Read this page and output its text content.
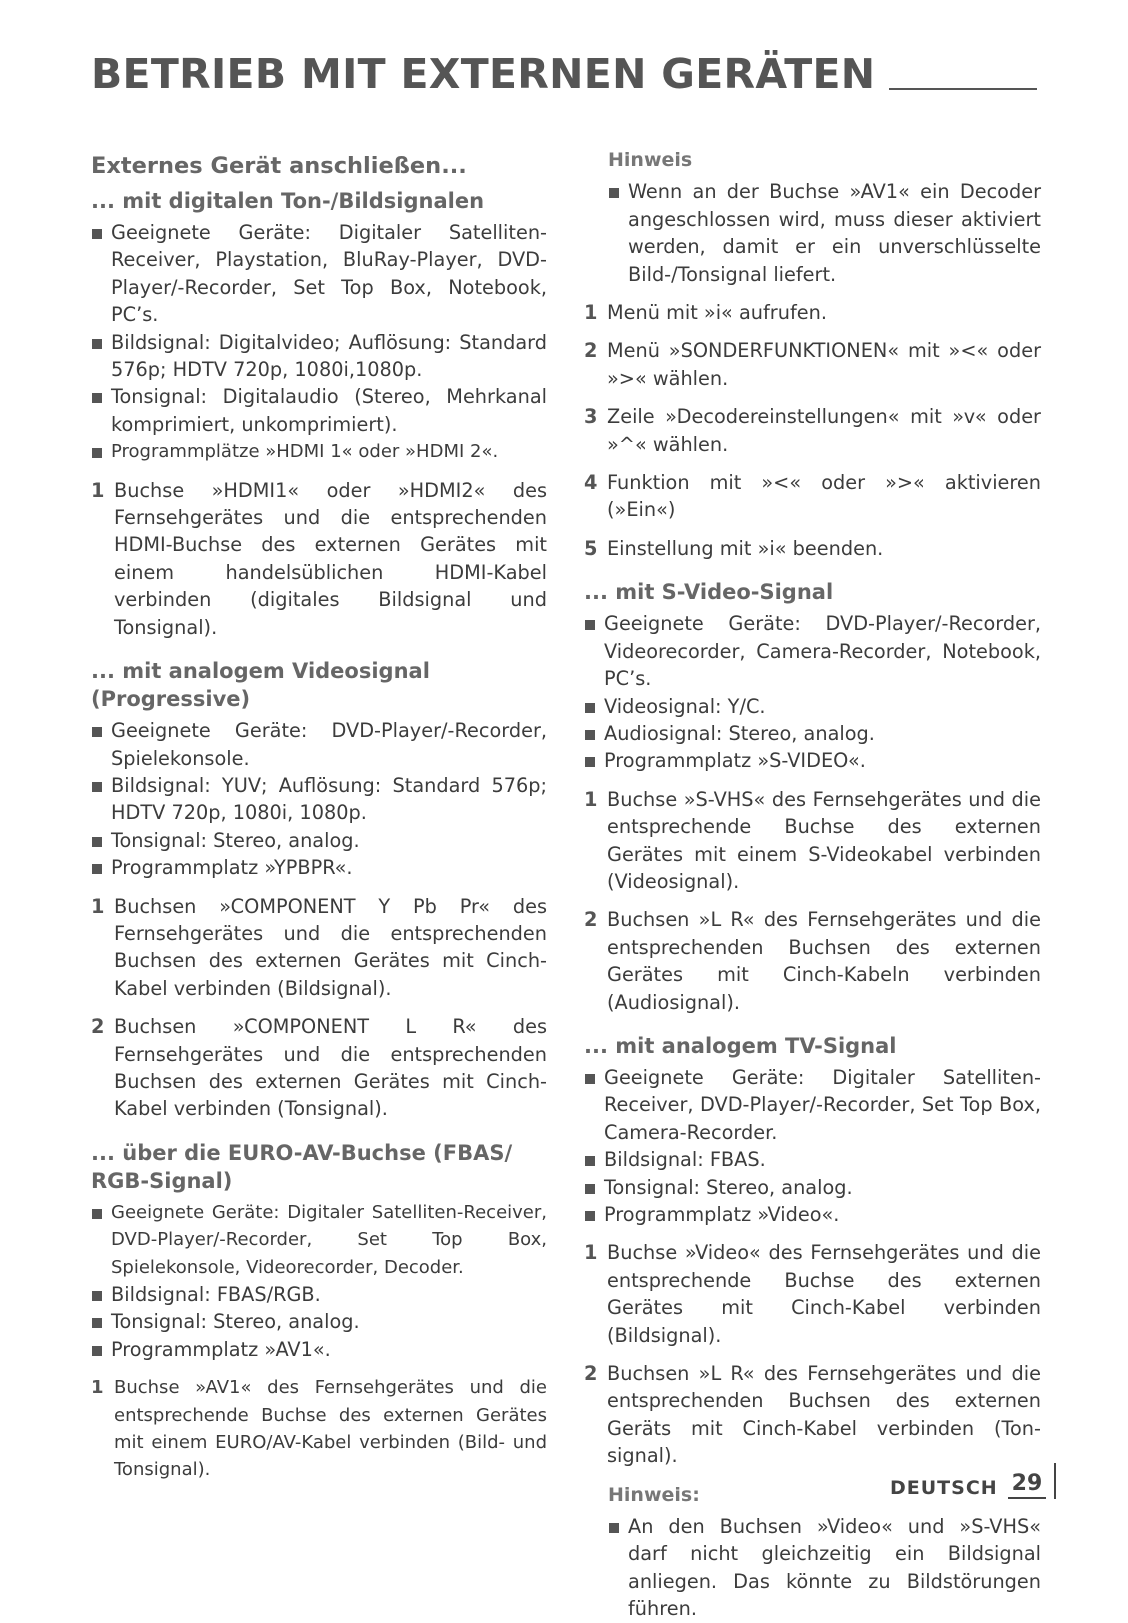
BETRIEB MIT EXTERNEN GERÄTEN
Externes Gerät anschließen...
... mit digitalen Ton-/Bildsignalen
Geeignete Geräte: Digitaler Satelliten-Receiver, Playstation, BluRay-Player, DVD-Player/-Recorder, Set Top Box, Notebook, PC’s.
Bildsignal: Digitalvideo; Auflösung: Standard 576p; HDTV 720p, 1080i,1080p.
Tonsignal: Digitalaudio (Stereo, Mehrkanal komprimiert, unkomprimiert).
Programmplätze »HDMI 1« oder »HDMI 2«.
1 Buchse »HDMI1« oder »HDMI2« des Fernsehgerätes und die entsprechenden HDMI-Buchse des externen Gerätes mit einem handelsüblichen HDMI-Kabel verbinden (digitales Bildsignal und Tonsignal).
... mit analogem Videosignal (Progressive)
Geeignete Geräte: DVD-Player/-Recorder, Spielekonsole.
Bildsignal: YUV; Auflösung: Standard 576p; HDTV 720p, 1080i, 1080p.
Tonsignal: Stereo, analog.
Programmplatz »YPBPR«.
1 Buchsen »COMPONENT Y Pb Pr« des Fernsehgerätes und die entsprechenden Buchsen des externen Gerätes mit Cinch-Kabel verbinden (Bildsignal).
2 Buchsen »COMPONENT L R« des Fernsehgerätes und die entsprechenden Buchsen des externen Gerätes mit Cinch-Kabel verbinden (Tonsignal).
... über die EURO-AV-Buchse (FBAS/ RGB-Signal)
Geeignete Geräte: Digitaler Satelliten-Receiver, DVD-Player/-Recorder, Set Top Box, Spielekonsole, Videorecorder, Decoder.
Bildsignal: FBAS/RGB.
Tonsignal: Stereo, analog.
Programmplatz »AV1«.
1 Buchse »AV1« des Fernsehgerätes und die entsprechende Buchse des externen Gerätes mit einem EURO/AV-Kabel verbinden (Bild- und Tonsignal).
Hinweis
Wenn an der Buchse »AV1« ein Decoder angeschlossen wird, muss dieser aktiviert werden, damit er ein unverschlüsselte Bild-/Tonsignal liefert.
1 Menü mit »i« aufrufen.
2 Menü »SONDERFUNKTIONEN« mit »<« oder »>« wählen.
3 Zeile »Decodereinstellungen« mit »v« oder »^« wählen.
4 Funktion mit »<« oder »>« aktivieren (»Ein«)
5 Einstellung mit »i« beenden.
... mit S-Video-Signal
Geeignete Geräte: DVD-Player/-Recorder, Videorecorder, Camera-Recorder, Notebook, PC’s.
Videosignal: Y/C.
Audiosignal: Stereo, analog.
Programmplatz »S-VIDEO«.
1 Buchse »S-VHS« des Fernsehgerätes und die entsprechende Buchse des externen Gerätes mit einem S-Videokabel verbinden (Videosignal).
2 Buchsen »L R« des Fernsehgerätes und die entsprechenden Buchsen des externen Gerätes mit Cinch-Kabeln verbinden (Audiosignal).
... mit analogem TV-Signal
Geeignete Geräte: Digitaler Satelliten-Receiver, DVD-Player/-Recorder, Set Top Box, Camera-Recorder.
Bildsignal: FBAS.
Tonsignal: Stereo, analog.
Programmplatz »Video«.
1 Buchse »Video« des Fernsehgerätes und die entsprechende Buchse des externen Gerätes mit Cinch-Kabel verbinden (Bildsignal).
2 Buchsen »L R« des Fernsehgerätes und die entsprechenden Buchsen des externen Geräts mit Cinch-Kabel verbinden (Ton-signal).
Hinweis:
An den Buchsen »Video« und »S-VHS« darf nicht gleichzeitig ein Bildsignal anliegen. Das könnte zu Bildstörungen führen.
DEUTSCH 29
